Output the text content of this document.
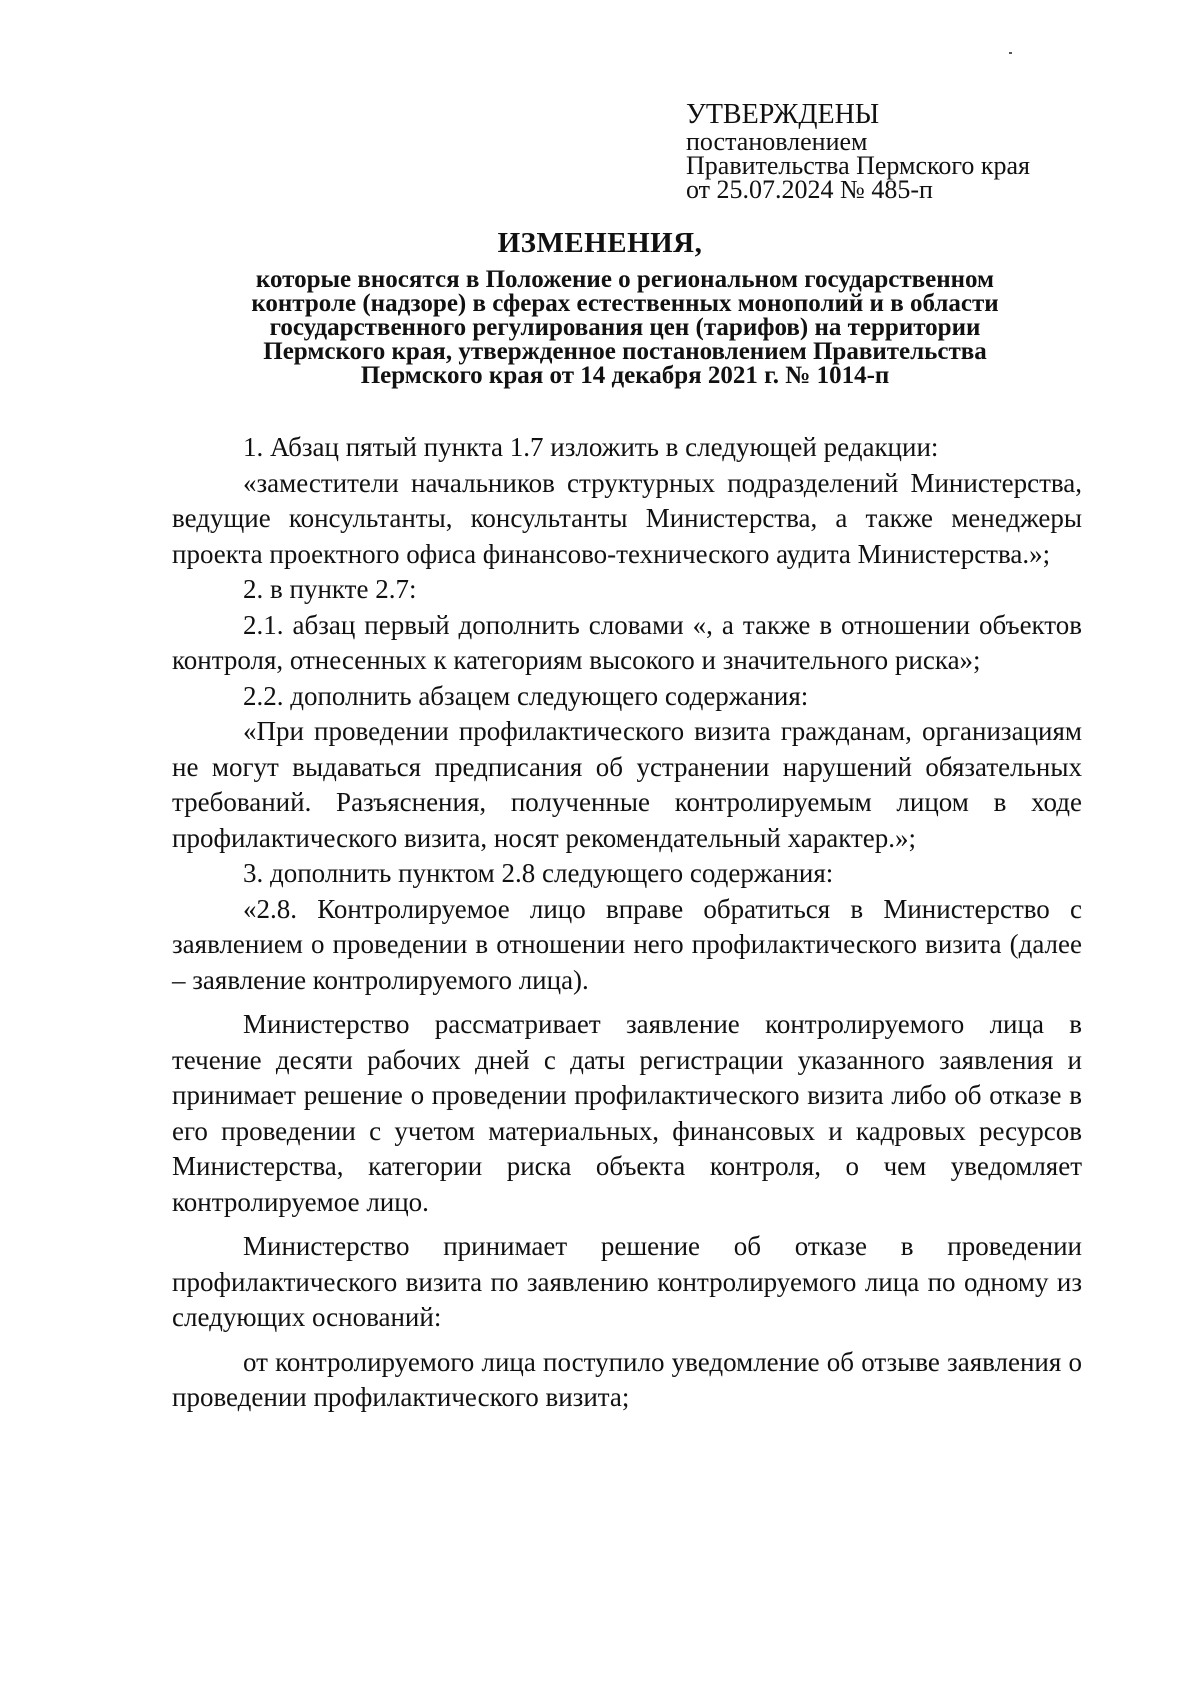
УТВЕРЖДЕНЫ
постановлением
Правительства Пермского края
от 25.07.2024 № 485-п
ИЗМЕНЕНИЯ,
которые вносятся в Положение о региональном государственном
контроле (надзоре) в сферах естественных монополий и в области
государственного регулирования цен (тарифов) на территории
Пермского края, утвержденное постановлением Правительства
Пермского края от 14 декабря 2021 г. № 1014-п

1. Абзац пятый пункта 1.7 изложить в следующей редакции:

«заместители начальников структурных подразделений Министерства, ведущие консультанты, консультанты Министерства, а также менеджеры проекта проектного офиса финансово-технического аудита Министерства.»;

2. в пункте 2.7:

2.1. абзац первый дополнить словами «, а также в отношении объектов контроля, отнесенных к категориям высокого и значительного риска»;

2.2. дополнить абзацем следующего содержания:

«При проведении профилактического визита гражданам, организациям не могут выдаваться предписания об устранении нарушений обязательных требований. Разъяснения, полученные контролируемым лицом в ходе профилактического визита, носят рекомендательный характер.»;

3. дополнить пунктом 2.8 следующего содержания:

«2.8. Контролируемое лицо вправе обратиться в Министерство с заявлением о проведении в отношении него профилактического визита (далее – заявление контролируемого лица).

Министерство рассматривает заявление контролируемого лица в течение десяти рабочих дней с даты регистрации указанного заявления и принимает решение о проведении профилактического визита либо об отказе в его проведении с учетом материальных, финансовых и кадровых ресурсов Министерства, категории риска объекта контроля, о чем уведомляет контролируемое лицо.

Министерство принимает решение об отказе в проведении профилактического визита по заявлению контролируемого лица по одному из следующих оснований:

от контролируемого лица поступило уведомление об отзыве заявления о проведении профилактического визита;
